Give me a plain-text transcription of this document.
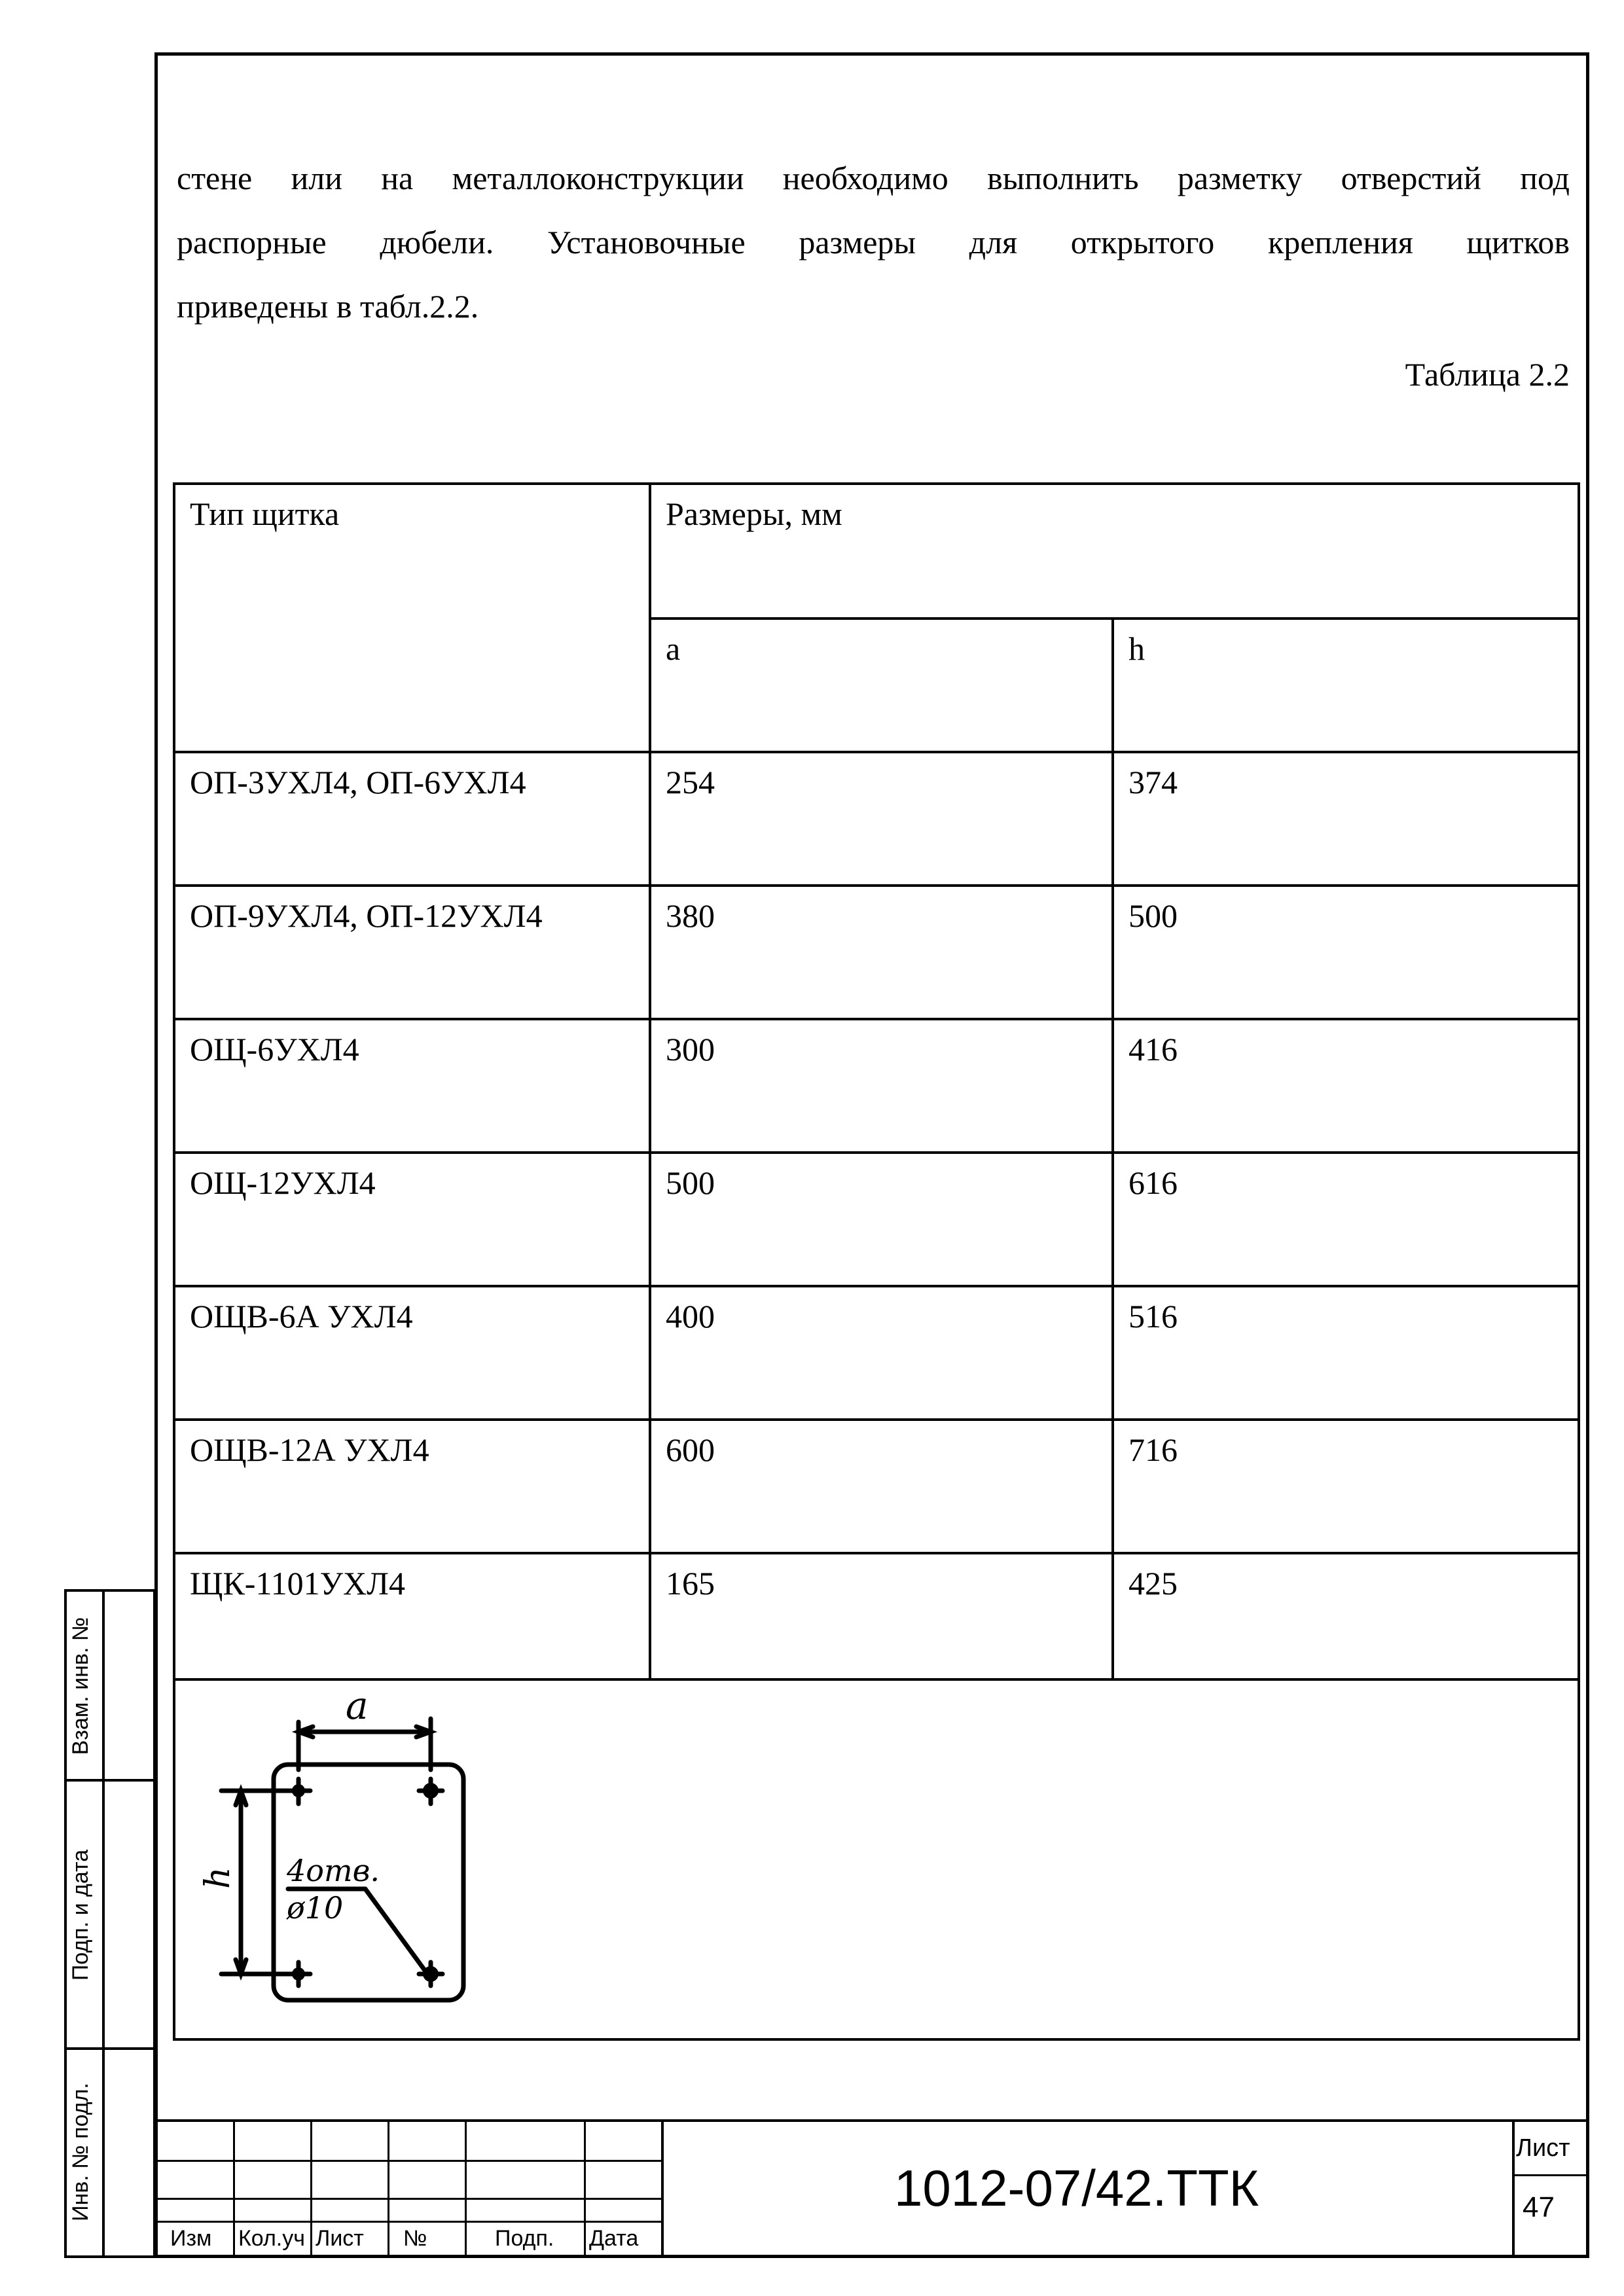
стене или на металлоконструкции необходимо выполнить разметку отверстий под
распорные дюбели. Установочные размеры для открытого крепления щитков
приведены в табл.2.2.
Таблица 2.2
Тип щитка	Размеры, мм
а	h
ОП-3УХЛ4, ОП-6УХЛ4	254	374
ОП-9УХЛ4, ОП-12УХЛ4	380	500
ОЩ-6УХЛ4	300	416
ОЩ-12УХЛ4	500	616
ОЩВ-6А УХЛ4	400	516
ОЩВ-12А УХЛ4	600	716
ЩК-1101УХЛ4	165	425
a
h 4отв.
ø10
Взам. инв. №
Подп. и дата
Инв. № подл.
Изм Кол.уч Лист №	Подп. Дата
1012-07/42.ТТК
Лист
47
